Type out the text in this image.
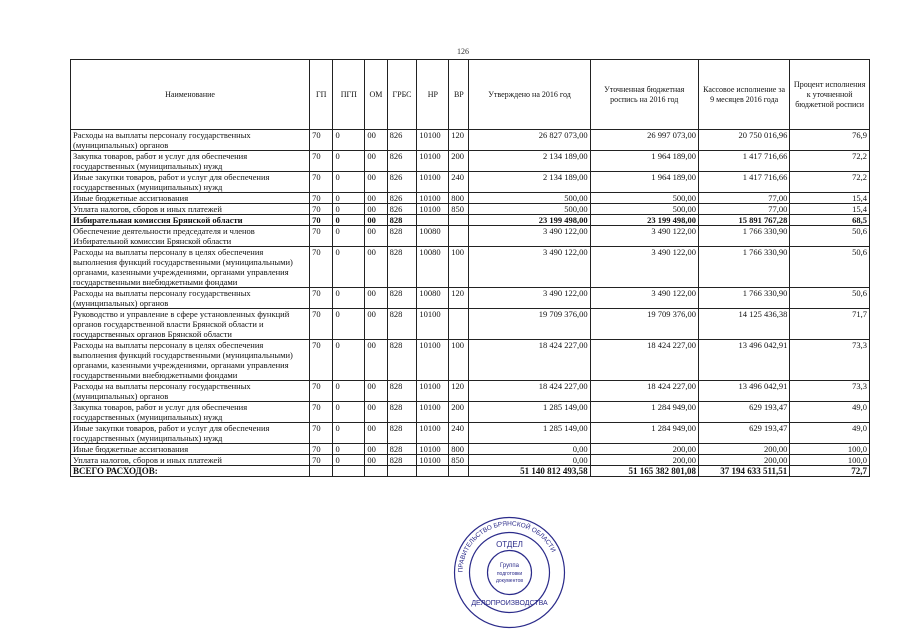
126
Наименование	ГП	ПГП	ОМ	ГРБС	НР	ВР	Утверждено на 2016 год	Уточненная бюджетная роспись на 2016 год	Кассовое исполнение за 9 месяцев 2016 года	Процент исполнения к уточненной бюджетной росписи
Расходы на выплаты персоналу государственных (муниципальных) органов	70	0	00	826	10100	120	26 827 073,00	26 997 073,00	20 750 016,96	76,9
Закупка товаров, работ и услуг для обеспечения государственных (муниципальных) нужд	70	0	00	826	10100	200	2 134 189,00	1 964 189,00	1 417 716,66	72,2
Иные закупки товаров, работ и услуг для обеспечения государственных (муниципальных) нужд	70	0	00	826	10100	240	2 134 189,00	1 964 189,00	1 417 716,66	72,2
Иные бюджетные ассигнования	70	0	00	826	10100	800	500,00	500,00	77,00	15,4
Уплата налогов, сборов и иных платежей	70	0	00	826	10100	850	500,00	500,00	77,00	15,4
Избирательная комиссия Брянской области	70	0	00	828			23 199 498,00	23 199 498,00	15 891 767,28	68,5
Обеспечение деятельности председателя и членов Избирательной комиссии Брянской области	70	0	00	828	10080		3 490 122,00	3 490 122,00	1 766 330,90	50,6
Расходы на выплаты персоналу в целях обеспечения выполнения функций государственными (муниципальными) органами, казенными учреждениями, органами управления государственными внебюджетными фондами	70	0	00	828	10080	100	3 490 122,00	3 490 122,00	1 766 330,90	50,6
Расходы на выплаты персоналу государственных (муниципальных) органов	70	0	00	828	10080	120	3 490 122,00	3 490 122,00	1 766 330,90	50,6
Руководство и управление в сфере установленных функций органов государственной власти Брянской области и государственных органов Брянской области	70	0	00	828	10100		19 709 376,00	19 709 376,00	14 125 436,38	71,7
Расходы на выплаты персоналу в целях обеспечения выполнения функций государственными (муниципальными) органами, казенными учреждениями, органами управления государственными внебюджетными фондами	70	0	00	828	10100	100	18 424 227,00	18 424 227,00	13 496 042,91	73,3
Расходы на выплаты персоналу государственных (муниципальных) органов	70	0	00	828	10100	120	18 424 227,00	18 424 227,00	13 496 042,91	73,3
Закупка товаров, работ и услуг для обеспечения государственных (муниципальных) нужд	70	0	00	828	10100	200	1 285 149,00	1 284 949,00	629 193,47	49,0
Иные закупки товаров, работ и услуг для обеспечения государственных (муниципальных) нужд	70	0	00	828	10100	240	1 285 149,00	1 284 949,00	629 193,47	49,0
Иные бюджетные ассигнования	70	0	00	828	10100	800	0,00	200,00	200,00	100,0
Уплата налогов, сборов и иных платежей	70	0	00	828	10100	850	0,00	200,00	200,00	100,0
ВСЕГО РАСХОДОВ:							51 140 812 493,58	51 165 382 801,08	37 194 633 511,51	72,7
ПРАВИТЕЛЬСТВО БРЯНСКОЙ ОБЛАСТИ
ОТДЕЛ
ДЕЛОПРОИЗВОДСТВА
Группа
подготовки
документов
